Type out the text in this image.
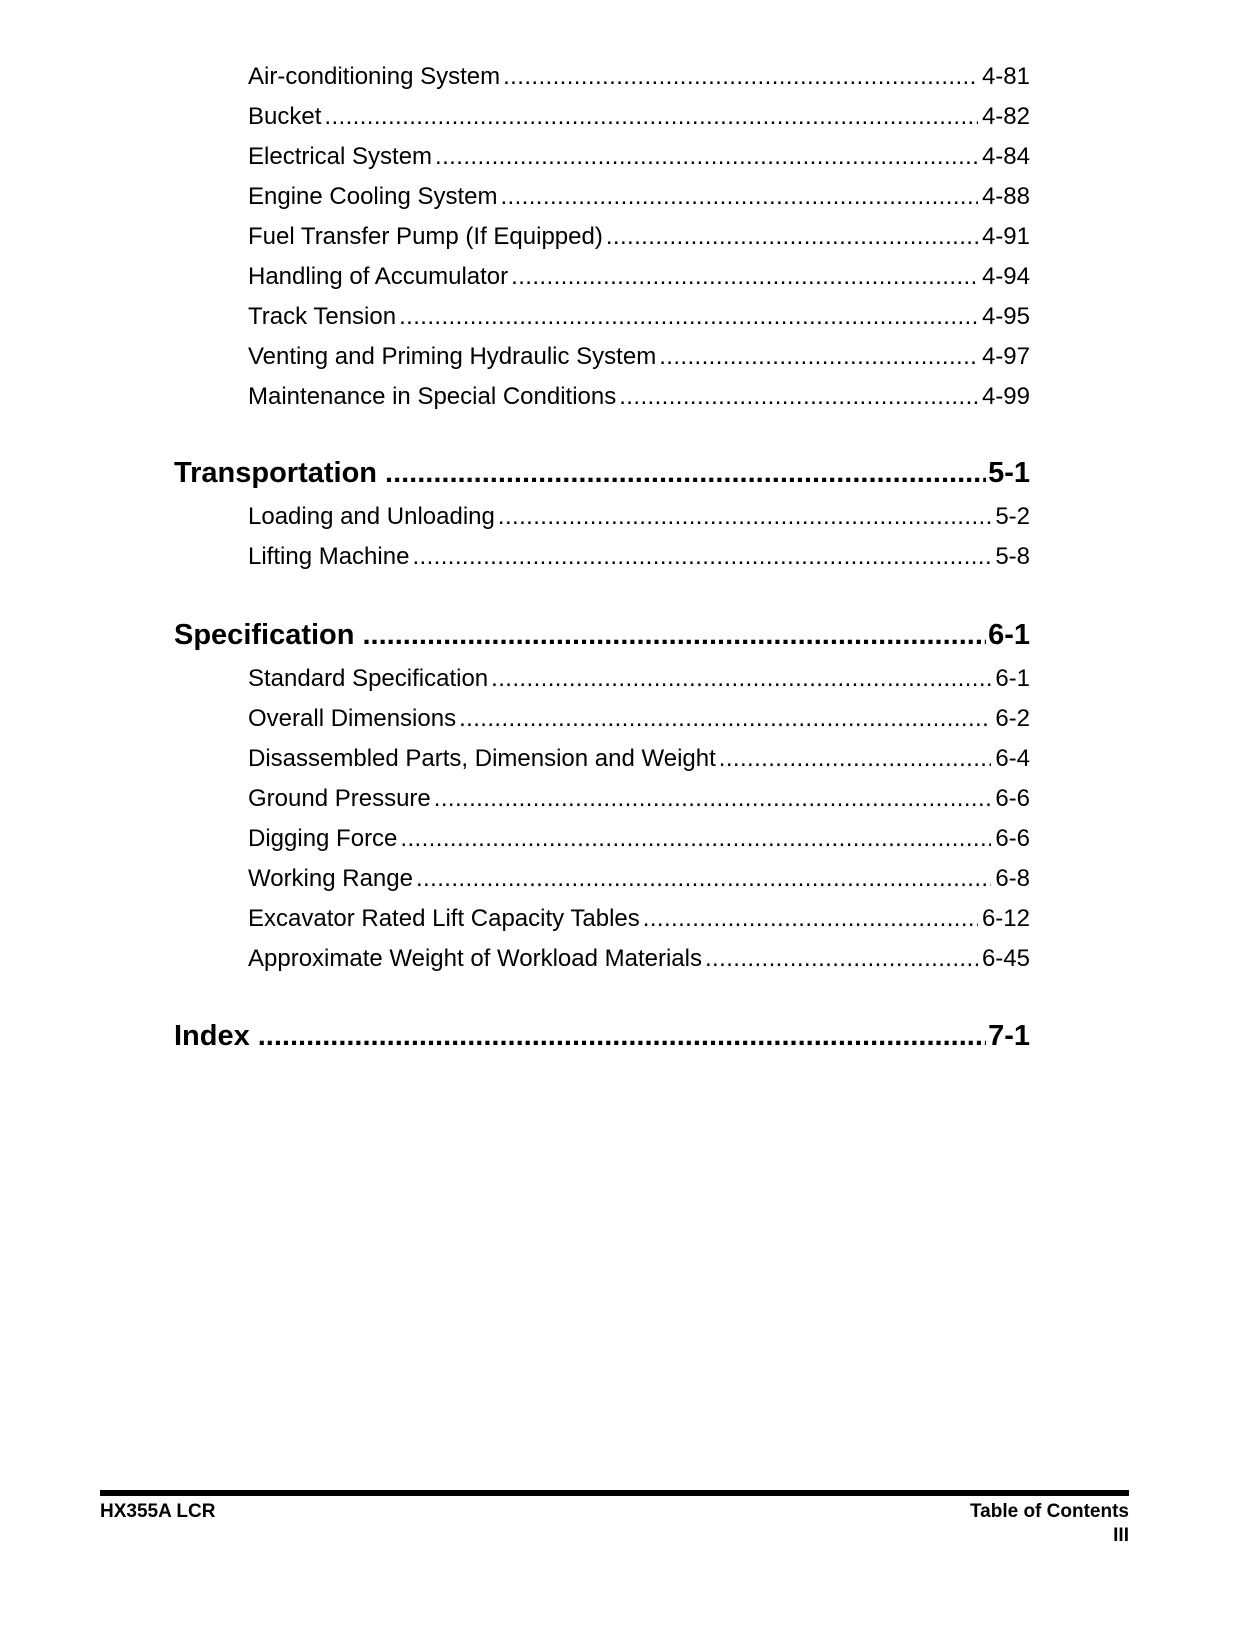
Air-conditioning System .....	4-81
Bucket .....	4-82
Electrical System .....	4-84
Engine Cooling System .....	4-88
Fuel Transfer Pump (If Equipped) .....	4-91
Handling of Accumulator .....	4-94
Track Tension .....	4-95
Venting and Priming Hydraulic System .....	4-97
Maintenance in Special Conditions .....	4-99
Transportation .....	5-1
Loading and Unloading .....	5-2
Lifting Machine .....	5-8
Specification .....	6-1
Standard Specification .....	6-1
Overall Dimensions .....	6-2
Disassembled Parts, Dimension and Weight .....	6-4
Ground Pressure .....	6-6
Digging Force .....	6-6
Working Range .....	6-8
Excavator Rated Lift Capacity Tables .....	6-12
Approximate Weight of Workload Materials .....	6-45
Index .....	7-1
HX355A LCR	Table of Contents
III
